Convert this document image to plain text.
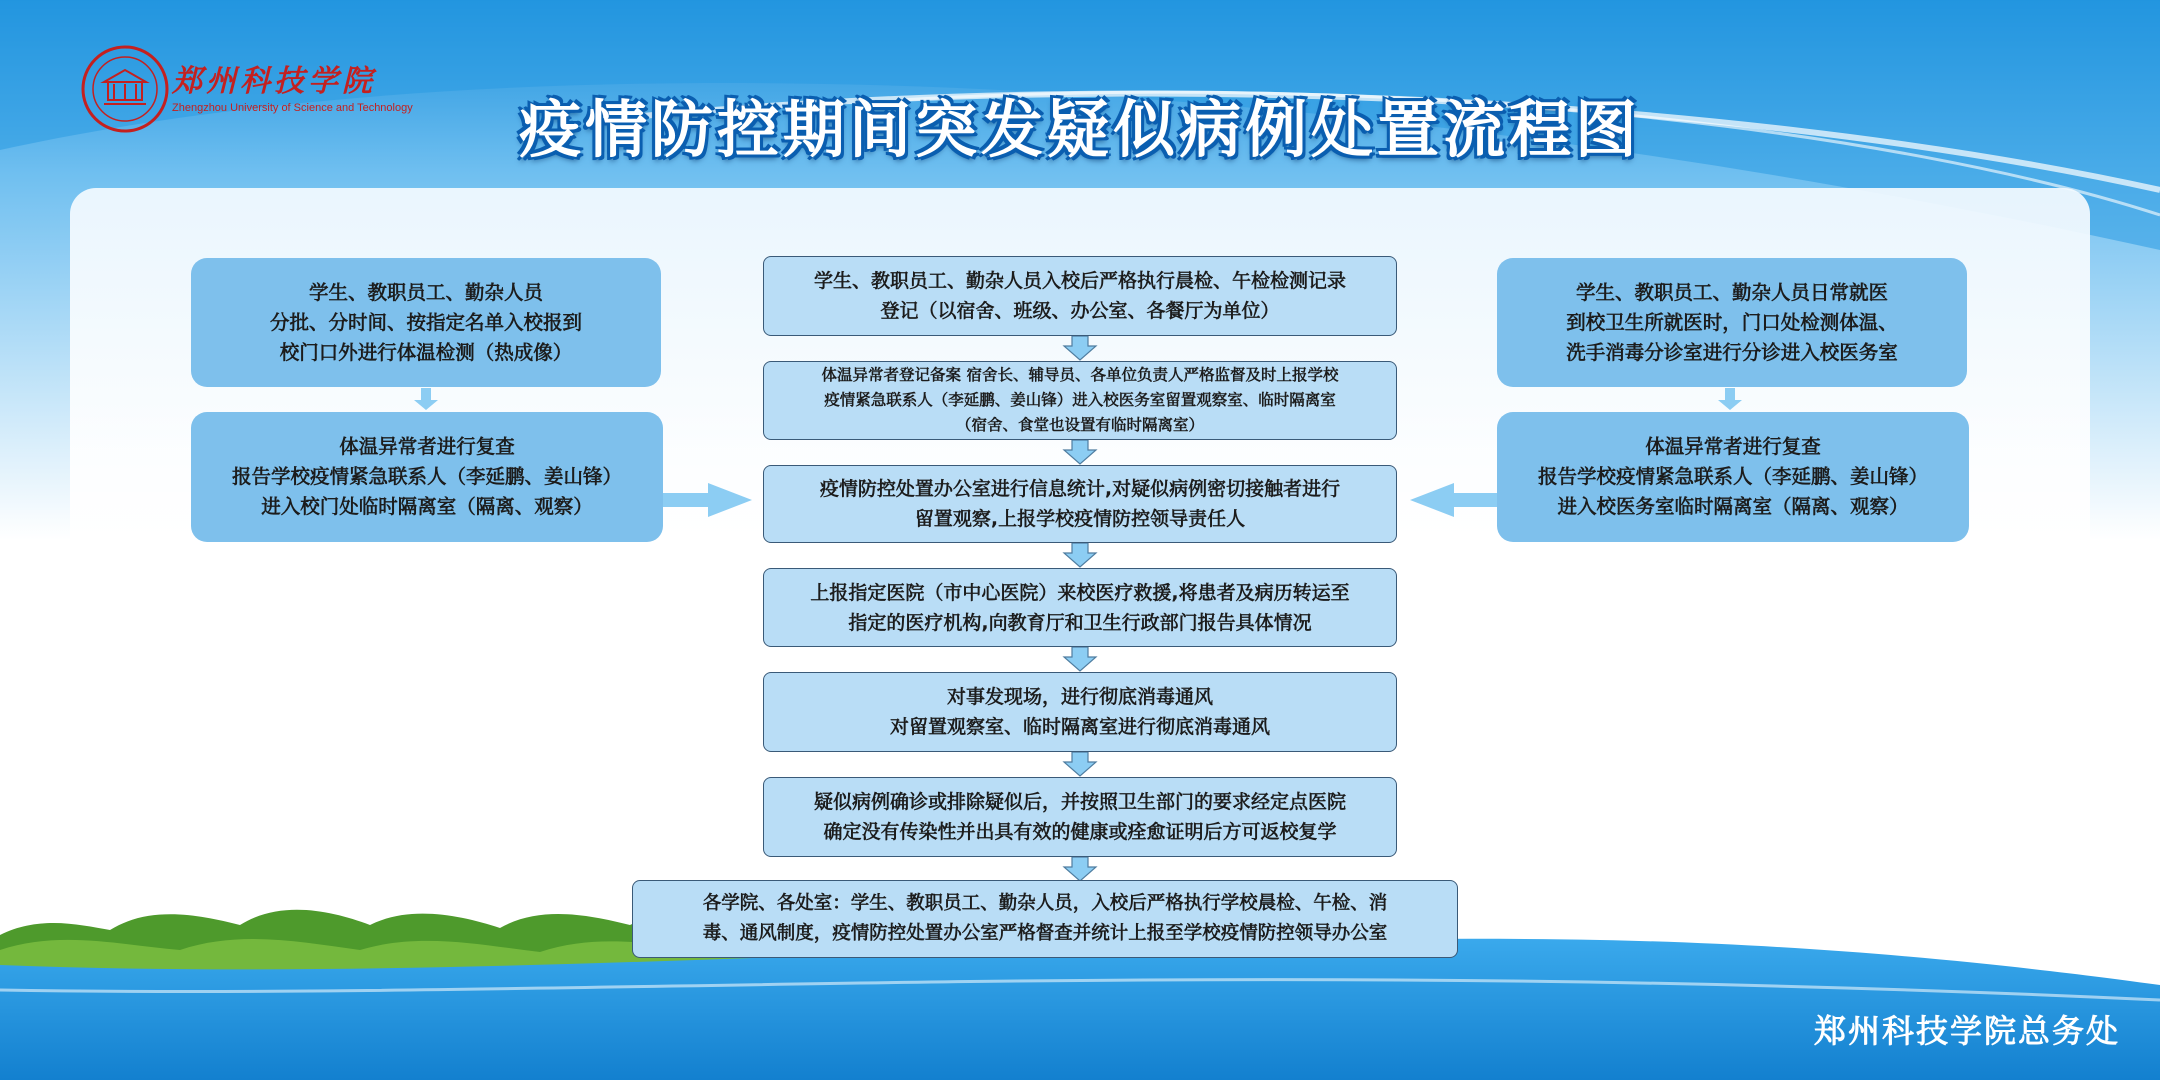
郑州科技学院
Zhengzhou University of Science and Technology	疫情防控期间突发疑似病例处置流程图
学生、教职员工、勤杂人员
分批、分时间、按指定名单入校报到
校门口外进行体温检测（热成像）
体温异常者进行复查
报告学校疫情紧急联系人（李延鹏、姜山锋）
进入校门处临时隔离室（隔离、观察）
学生、教职员工、勤杂人员日常就医
到校卫生所就医时，门口处检测体温、
洗手消毒分诊室进行分诊进入校医务室
体温异常者进行复查
报告学校疫情紧急联系人（李延鹏、姜山锋）
进入校医务室临时隔离室（隔离、观察）
学生、教职员工、勤杂人员入校后严格执行晨检、午检检测记录
登记（以宿舍、班级、办公室、各餐厅为单位）
体温异常者登记备案 宿舍长、辅导员、各单位负责人严格监督及时上报学校
疫情紧急联系人（李延鹏、姜山锋）进入校医务室留置观察室、临时隔离室
（宿舍、食堂也设置有临时隔离室）
疫情防控处置办公室进行信息统计,对疑似病例密切接触者进行
留置观察,上报学校疫情防控领导责任人
上报指定医院（市中心医院）来校医疗救援,将患者及病历转运至
指定的医疗机构,向教育厅和卫生行政部门报告具体情况
对事发现场，进行彻底消毒通风
对留置观察室、临时隔离室进行彻底消毒通风
疑似病例确诊或排除疑似后，并按照卫生部门的要求经定点医院
确定没有传染性并出具有效的健康或痊愈证明后方可返校复学
各学院、各处室：学生、教职员工、勤杂人员，入校后严格执行学校晨检、午检、消
毒、通风制度，疫情防控处置办公室严格督查并统计上报至学校疫情防控领导办公室
郑州科技学院总务处
